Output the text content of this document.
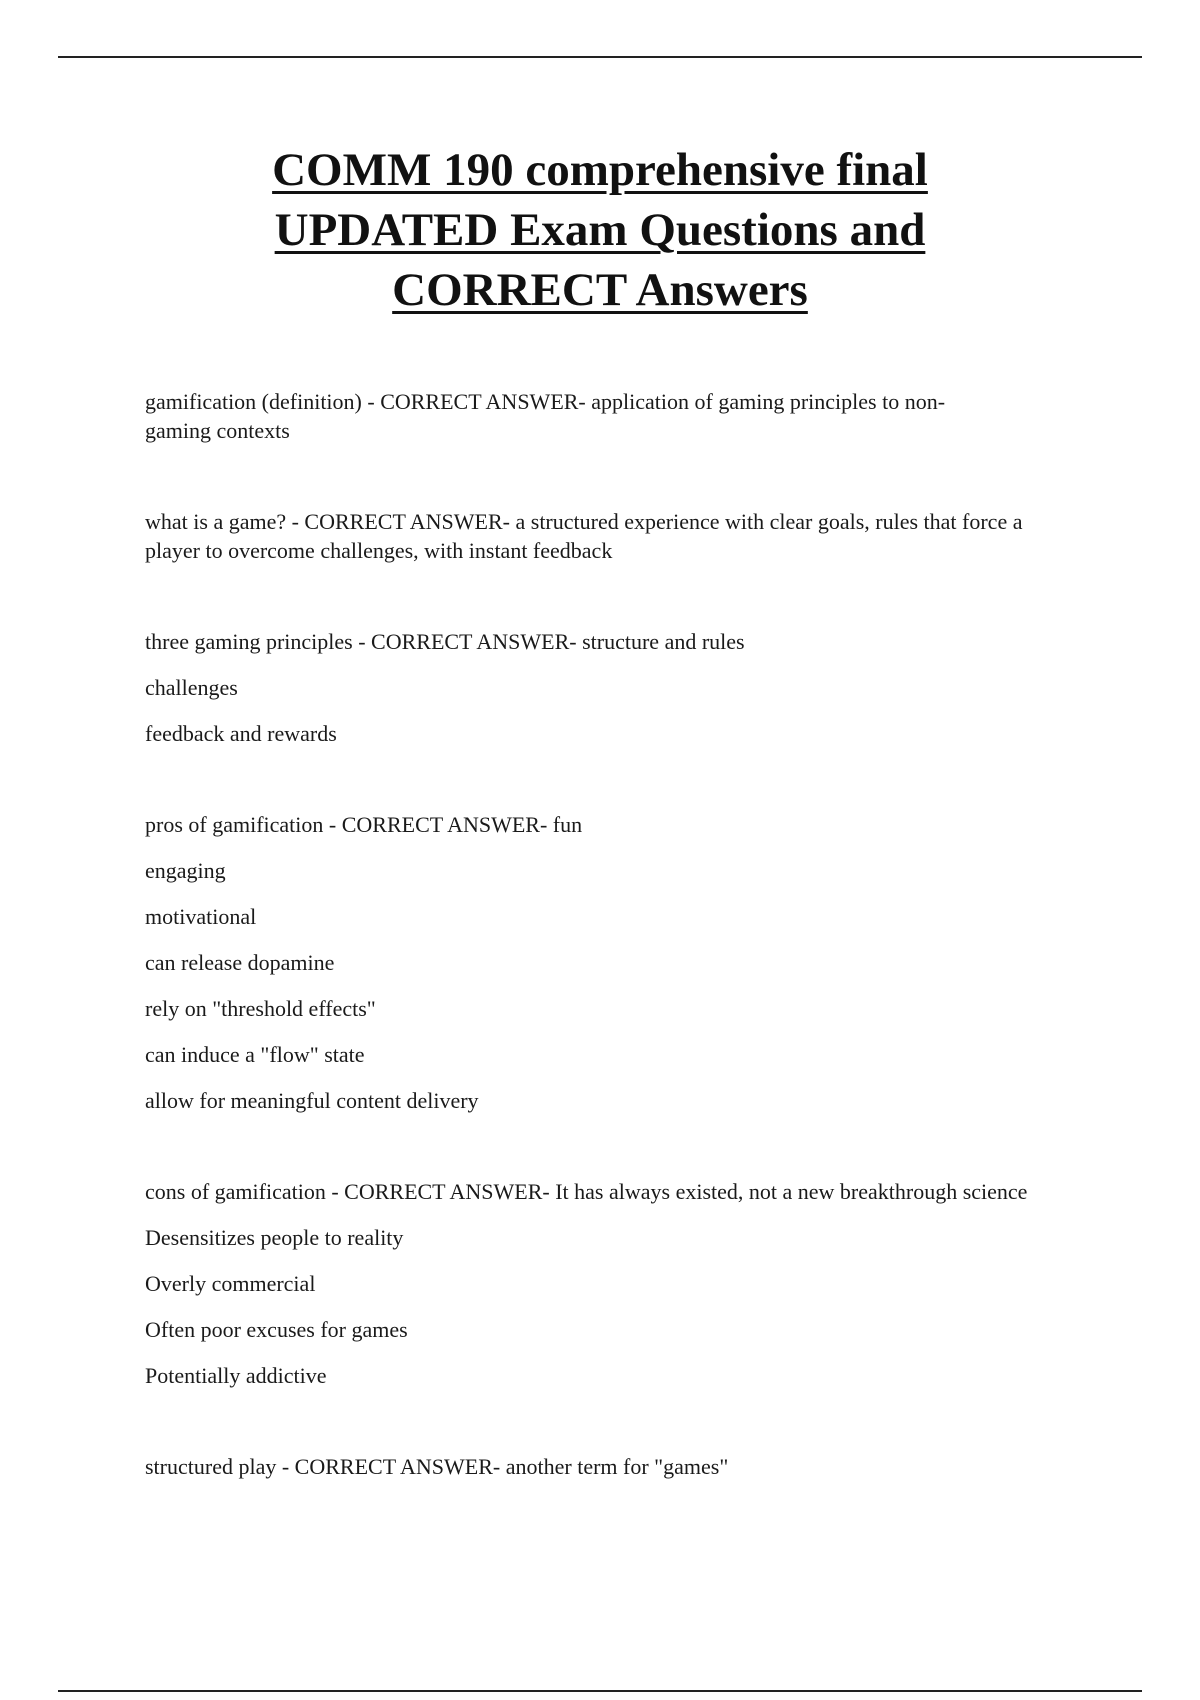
COMM 190 comprehensive final
UPDATED Exam Questions and
CORRECT Answers
gamification (definition) - CORRECT ANSWER- application of gaming principles to non-gaming contexts
what is a game? - CORRECT ANSWER- a structured experience with clear goals, rules that force a player to overcome challenges, with instant feedback
three gaming principles - CORRECT ANSWER- structure and rules
challenges
feedback and rewards
pros of gamification - CORRECT ANSWER- fun
engaging
motivational
can release dopamine
rely on "threshold effects"
can induce a "flow" state
allow for meaningful content delivery
cons of gamification - CORRECT ANSWER- It has always existed, not a new breakthrough science
Desensitizes people to reality
Overly commercial
Often poor excuses for games
Potentially addictive
structured play - CORRECT ANSWER- another term for "games"
